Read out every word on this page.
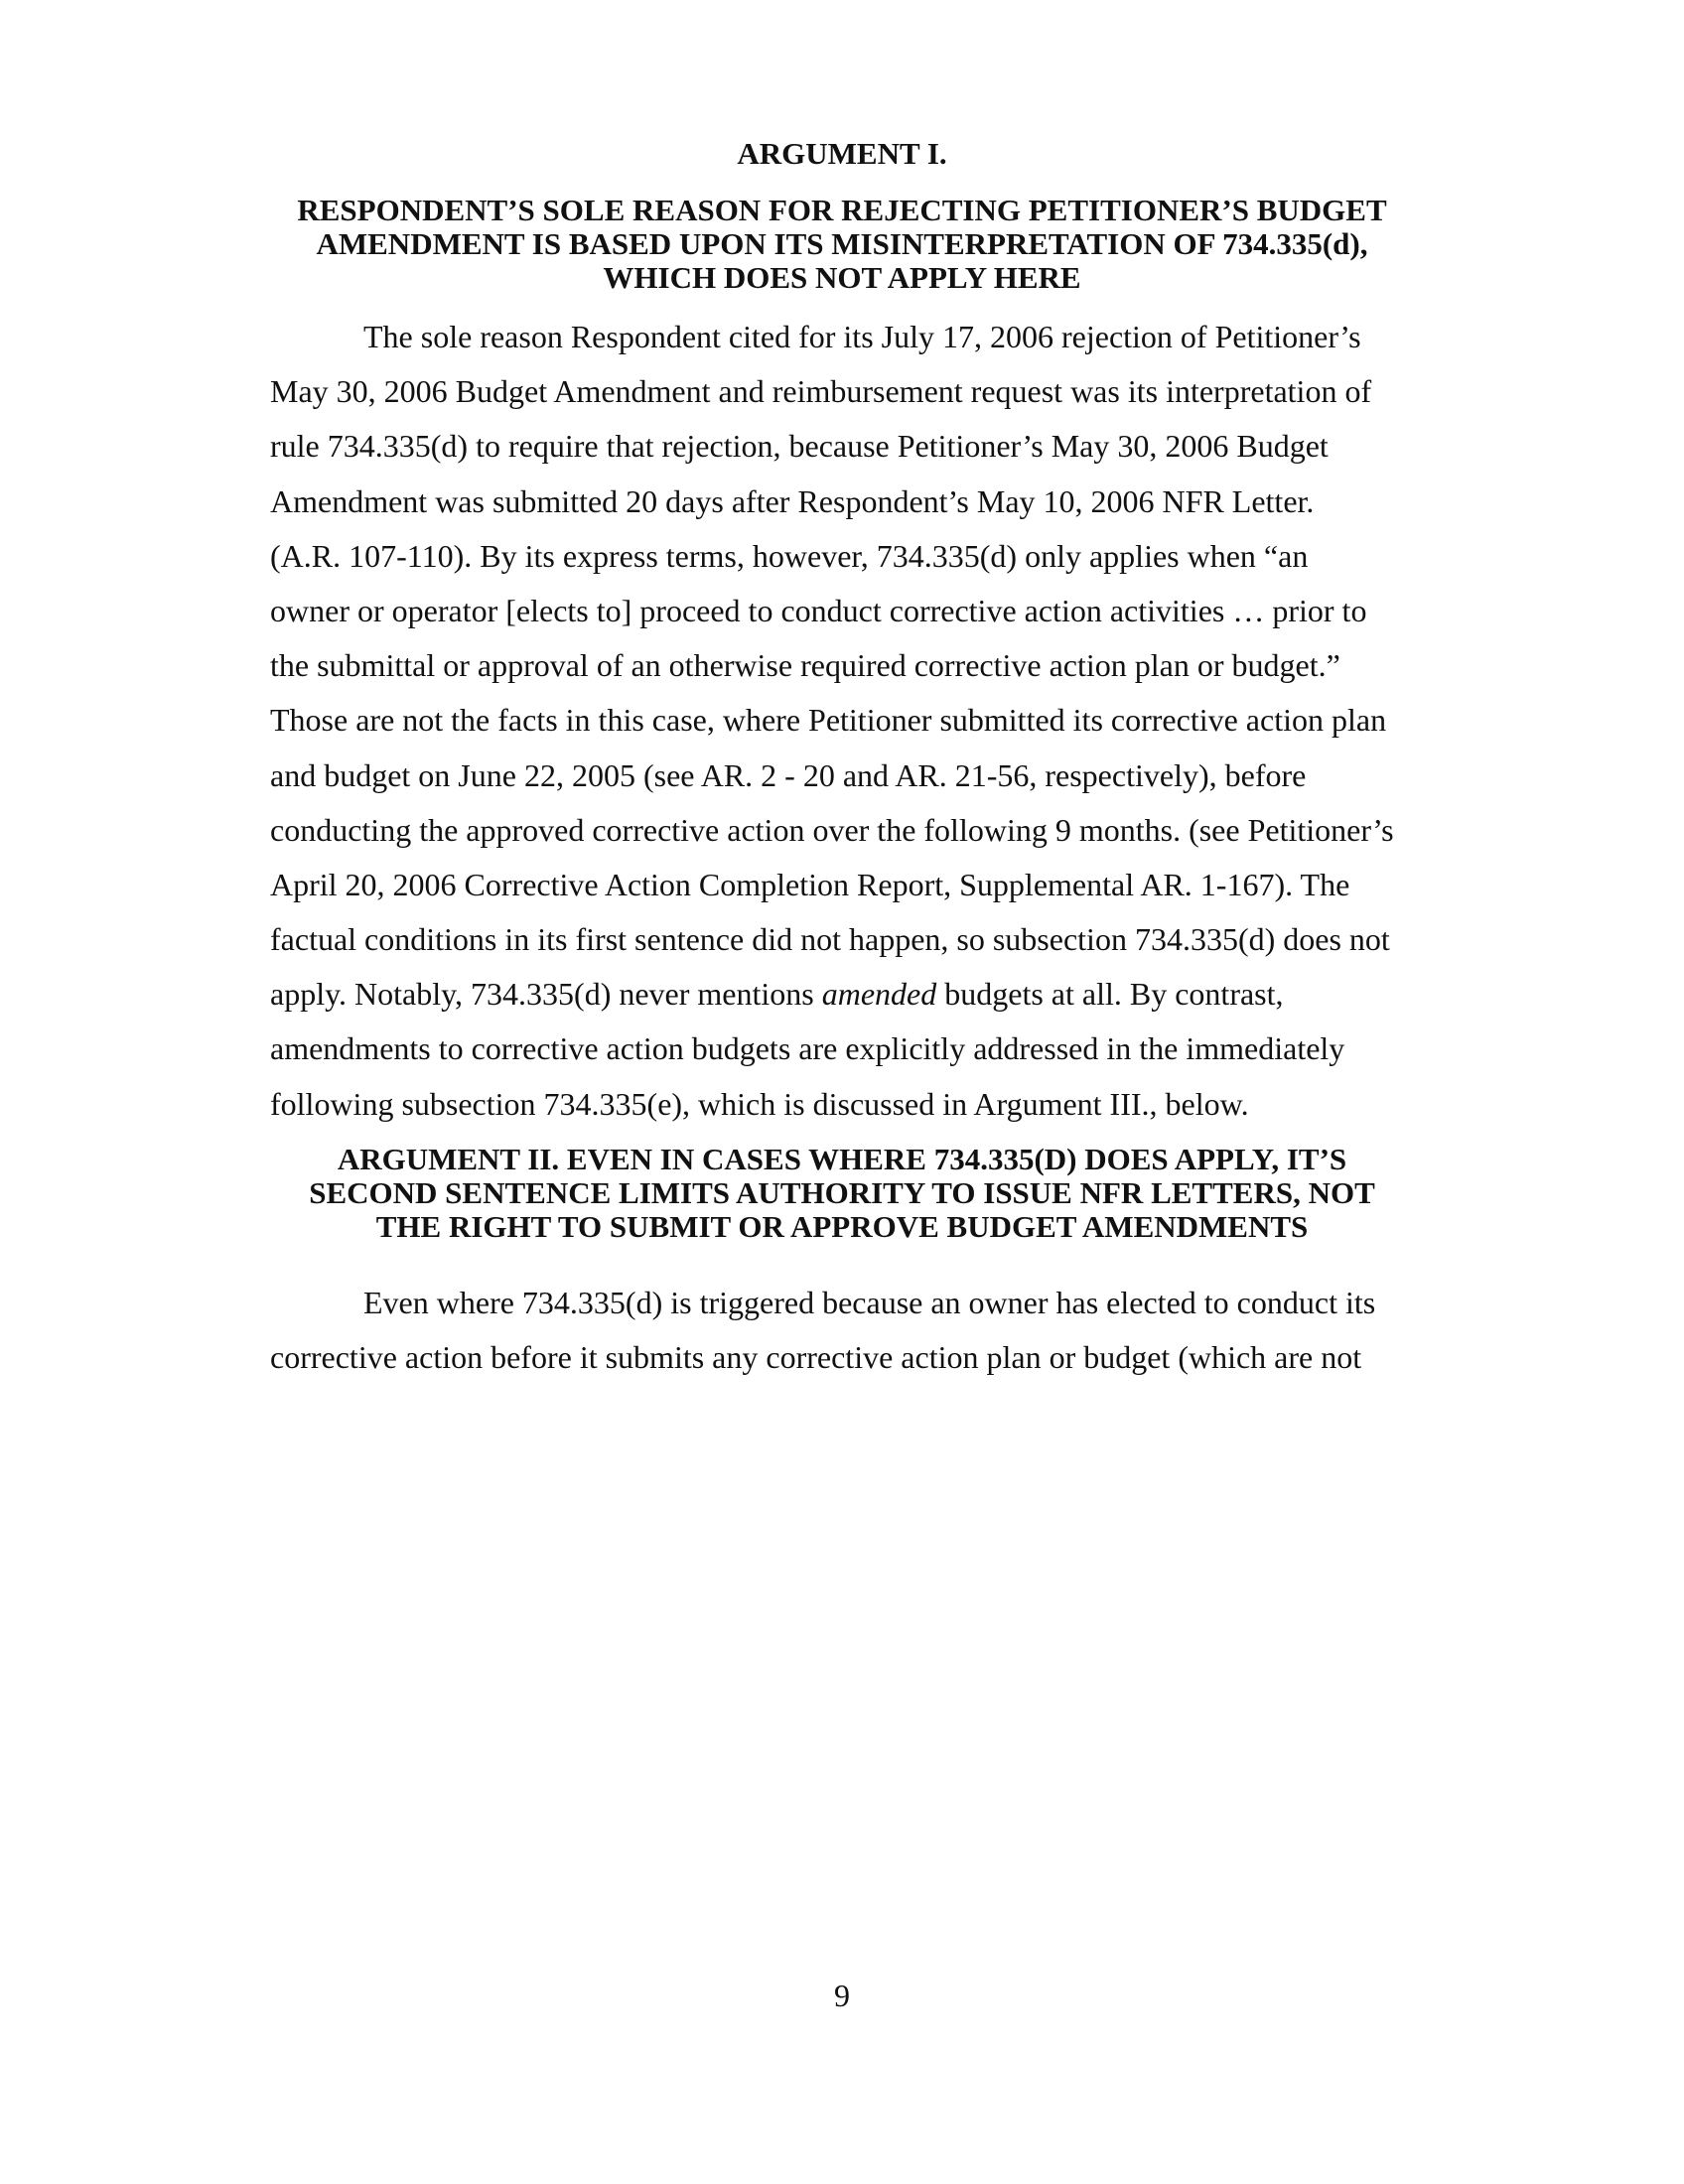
ARGUMENT I.

RESPONDENT’S SOLE REASON FOR REJECTING PETITIONER’S BUDGET

AMENDMENT IS BASED UPON ITS MISINTERPRETATION OF 734.335(d),

WHICH DOES NOT APPLY HERE

The sole reason Respondent cited for its July 17, 2006 rejection of Petitioner’s

May 30, 2006 Budget Amendment and reimbursement request was its interpretation of

rule 734.335(d) to require that rejection, because Petitioner’s May 30, 2006 Budget

Amendment was submitted 20 days after Respondent’s May 10, 2006 NFR Letter.

(A.R. 107-110). By its express terms, however, 734.335(d) only applies when “an

owner or operator [elects to] proceed to conduct corrective action activities … prior to

the submittal or approval of an otherwise required corrective action plan or budget.”

Those are not the facts in this case, where Petitioner submitted its corrective action plan

and budget on June 22, 2005 (see AR. 2 - 20 and AR. 21-56, respectively), before

conducting the approved corrective action over the following 9 months. (see Petitioner’s

April 20, 2006 Corrective Action Completion Report, Supplemental AR. 1-167). The

factual conditions in its first sentence did not happen, so subsection 734.335(d) does not

apply. Notably, 734.335(d) never mentions amended budgets at all. By contrast,

amendments to corrective action budgets are explicitly addressed in the immediately

following subsection 734.335(e), which is discussed in Argument III., below.

ARGUMENT II. EVEN IN CASES WHERE 734.335(D) DOES APPLY, IT’S

SECOND SENTENCE LIMITS AUTHORITY TO ISSUE NFR LETTERS, NOT

THE RIGHT TO SUBMIT OR APPROVE BUDGET AMENDMENTS

Even where 734.335(d) is triggered because an owner has elected to conduct its

corrective action before it submits any corrective action plan or budget (which are not

9
